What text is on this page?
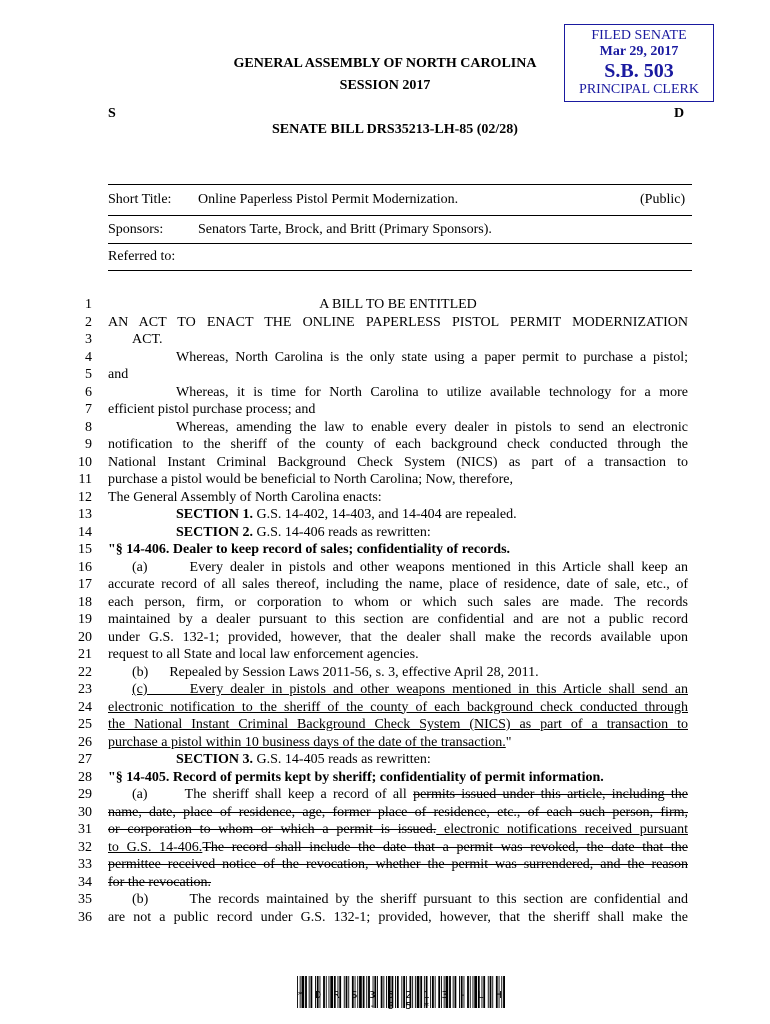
FILED SENATE
Mar 29, 2017
S.B. 503
PRINCIPAL CLERK
GENERAL ASSEMBLY OF NORTH CAROLINA
SESSION 2017
S	D
SENATE BILL DRS35213-LH-85 (02/28)
Short Title: Online Paperless Pistol Permit Modernization.	(Public)
Sponsors: Senators Tarte, Brock, and Britt (Primary Sponsors).
Referred to:
1	A BILL TO BE ENTITLED
2 AN ACT TO ENACT THE ONLINE PAPERLESS PISTOL PERMIT MODERNIZATION
3	ACT.
4	Whereas, North Carolina is the only state using a paper permit to purchase a pistol;
5 and
6	Whereas, it is time for North Carolina to utilize available technology for a more
7 efficient pistol purchase process; and
8	Whereas, amending the law to enable every dealer in pistols to send an electronic
9 notification to the sheriff of the county of each background check conducted through the
10 National Instant Criminal Background Check System (NICS) as part of a transaction to
11 purchase a pistol would be beneficial to North Carolina; Now, therefore,
12 The General Assembly of North Carolina enacts:
13	SECTION 1. G.S. 14-402, 14-403, and 14-404 are repealed.
14	SECTION 2. G.S. 14-406 reads as rewritten:
15 "§ 14-406. Dealer to keep record of sales; confidentiality of records.
16	(a)      Every dealer in pistols and other weapons mentioned in this Article shall keep an
17 accurate record of all sales thereof, including the name, place of residence, date of sale, etc., of
18 each person, firm, or corporation to whom or which such sales are made. The records
19 maintained by a dealer pursuant to this section are confidential and are not a public record
20 under G.S. 132-1; provided, however, that the dealer shall make the records available upon
21 request to all State and local law enforcement agencies.
22	(b)      Repealed by Session Laws 2011-56, s. 3, effective April 28, 2011.
23	(c)      Every dealer in pistols and other weapons mentioned in this Article shall send an
24 electronic notification to the sheriff of the county of each background check conducted through
25 the National Instant Criminal Background Check System (NICS) as part of a transaction to
26 purchase a pistol within 10 business days of the date of the transaction."
27	SECTION 3. G.S. 14-405 reads as rewritten:
28 "§ 14-405. Record of permits kept by sheriff; confidentiality of permit information.
29	(a)      The sheriff shall keep a record of all permits issued under this article, including the
30 name, date, place of residence, age, former place of residence, etc., of each such person, firm,
31 or corporation to whom or which a permit is issued. electronic notifications received pursuant
32 to G.S. 14-406.The record shall include the date that a permit was revoked, the date that the
33 permittee received notice of the revocation, whether the permit was surrendered, and the reason
34 for the revocation.
35	(b)      The records maintained by the sheriff pursuant to this section are confidential and
36 are not a public record under G.S. 132-1; provided, however, that the sheriff shall make the
* D R S 3 5 2 1 3 - L H - 8 5 *
